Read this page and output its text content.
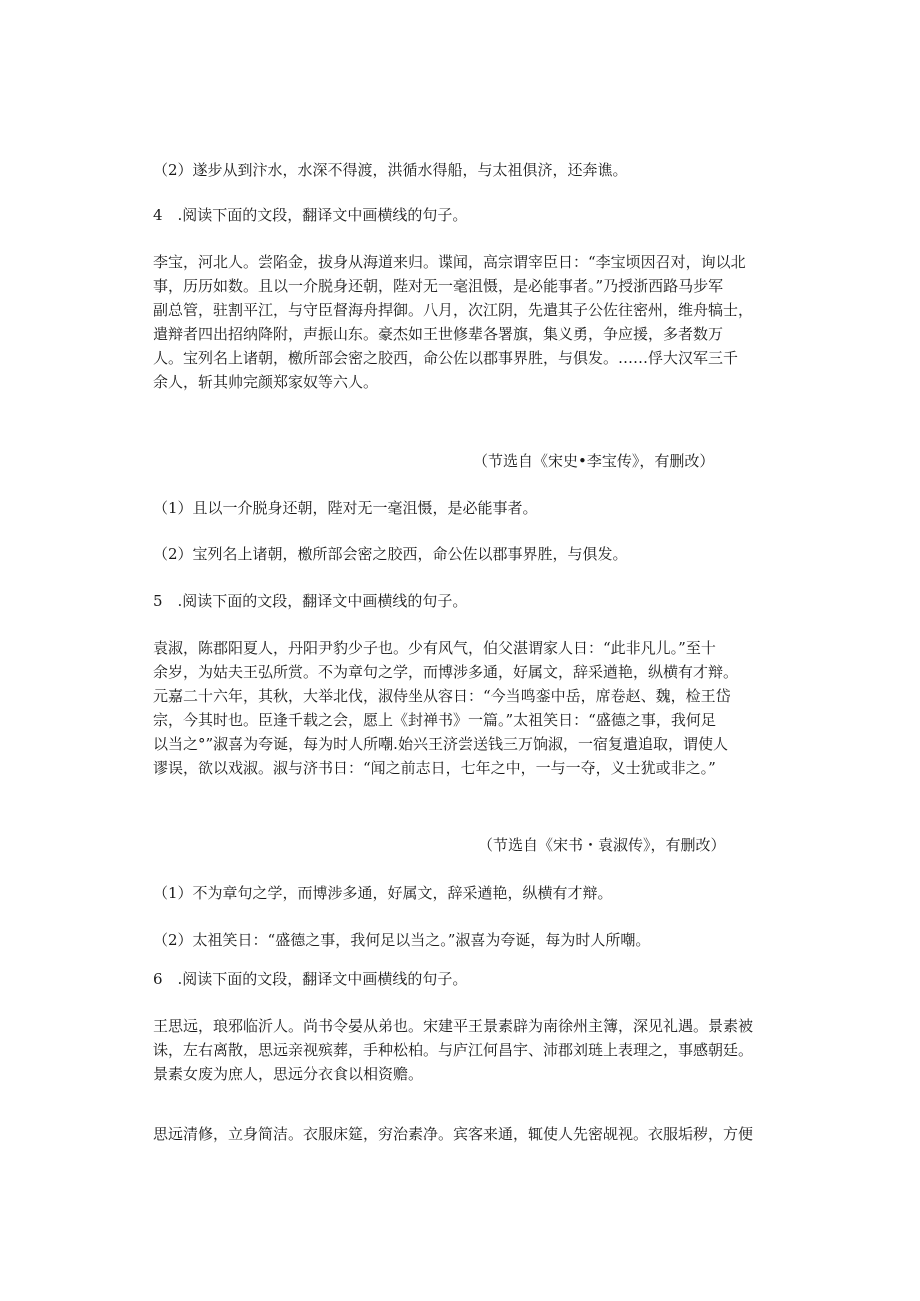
（2）遂步从到汴水，水深不得渡，洪循水得船，与太祖俱济，还奔谯。
4　.阅读下面的文段，翻译文中画横线的句子。
李宝，河北人。尝陷金，拔身从海道来归。谍闻，高宗谓宰臣日：“李宝顷因召对，询以北
事，历历如数。且以一介脱身还朝，陛对无一毫沮慑，是必能事者。”乃授浙西路马步军
副总管，驻割平江，与守臣督海舟捍御。八月，次江阴，先遣其子公佐往密州，维舟犒士，
遣辩者四出招纳降附，声振山东。豪杰如王世修辈各署旗，集义勇，争应援，多者数万
人。宝列名上诸朝，檄所部会密之胶西，命公佐以郡事界胜，与俱发。……俘大汉军三千
余人，斩其帅完颜郑家奴等六人。
（节选自《宋史•李宝传》，有删改）
（1）且以一介脱身还朝，陛对无一毫沮慑，是必能事者。
（2）宝列名上诸朝，檄所部会密之胶西，命公佐以郡事界胜，与俱发。
5　.阅读下面的文段，翻译文中画横线的句子。
袁淑，陈郡阳夏人，丹阳尹豹少子也。少有风气，伯父湛谓家人日：“此非凡儿。”至十
余岁，为姑夫王弘所赏。不为章句之学，而博涉多通，好属文，辞采遒艳，纵横有才辩。
元嘉二十六年，其秋，大举北伐，淑侍坐从容日：“今当鸣銮中岳，席卷赵、魏，检王岱
宗，今其时也。臣逢千载之会，愿上《封禅书》一篇。”太祖笑日：“盛德之事，我何足
以当之°”淑喜为夸诞，每为时人所嘲.始兴王济尝送钱三万饷淑，一宿复遣追取，谓使人
谬误，欲以戏淑。淑与济书日：“闻之前志日，七年之中，一与一夺，义士犹或非之。”
（节选自《宋书・袁淑传》，有删改）
（1）不为章句之学，而博涉多通，好属文，辞采遒艳，纵横有才辩。
（2）太祖笑日：“盛德之事，我何足以当之。”淑喜为夸诞，每为时人所嘲。
6　.阅读下面的文段，翻译文中画横线的句子。
王思远，琅邪临沂人。尚书令晏从弟也。宋建平王景素辟为南徐州主簿，深见礼遇。景素被
诛，左右离散，思远亲视殡葬，手种松柏。与庐江何昌宇、沛郡刘琏上表理之，事感朝廷。
景素女废为庶人，思远分衣食以相资赡。
思远清修，立身简洁。衣服床筵，穷治素净。宾客来通，辄使人先密觇视。衣服垢秽，方便
